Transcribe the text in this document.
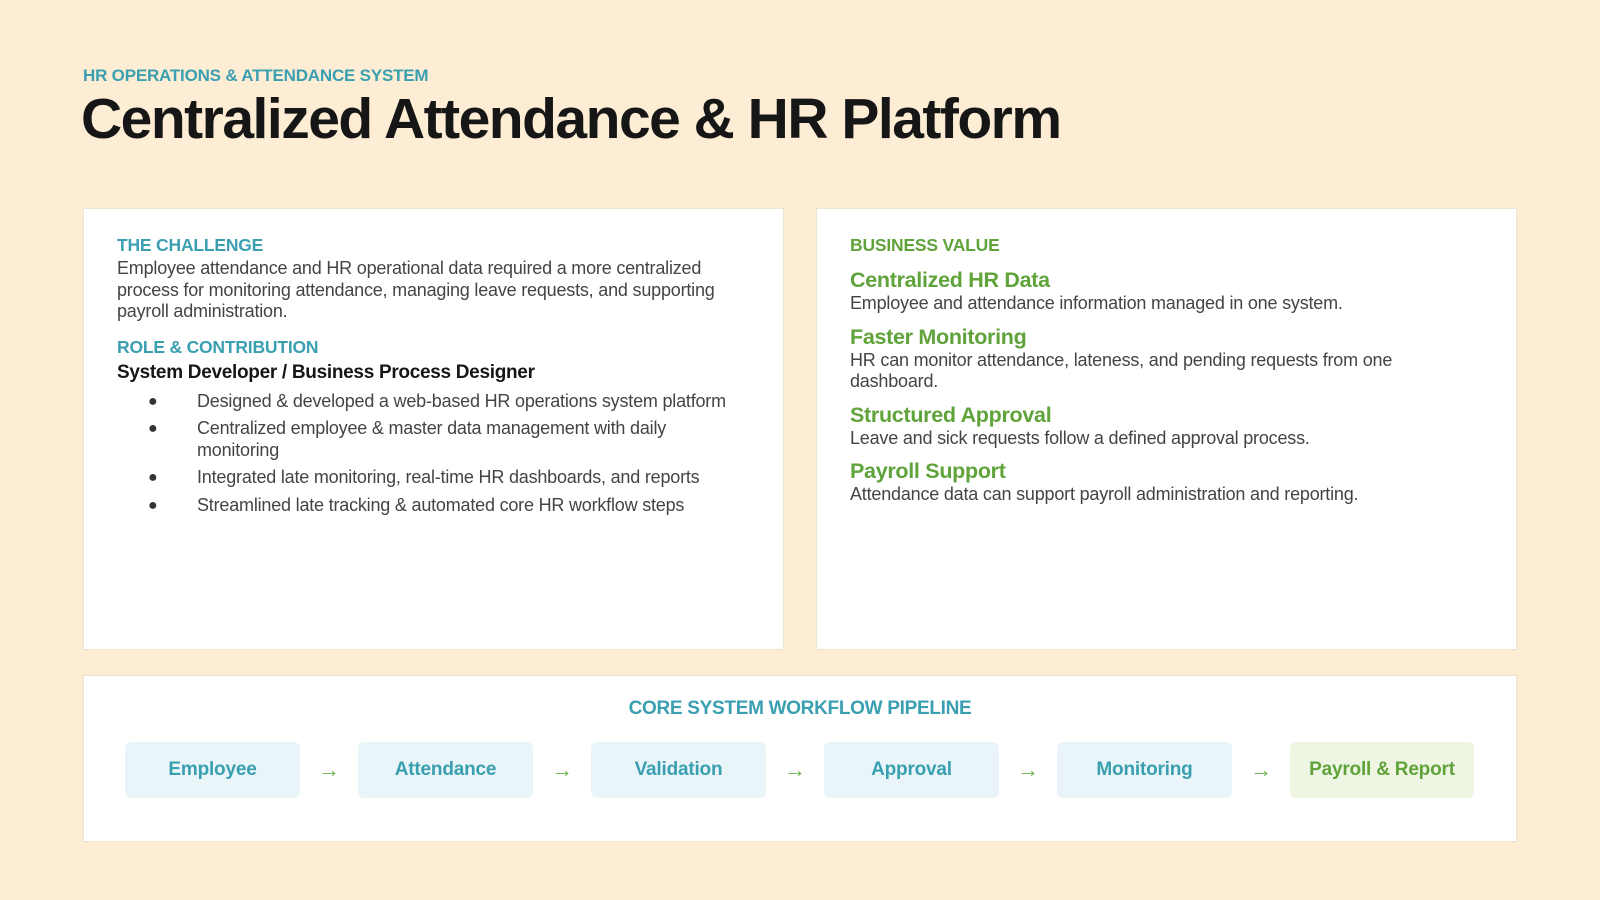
HR OPERATIONS & ATTENDANCE SYSTEM
Centralized Attendance & HR Platform
THE CHALLENGE
Employee attendance and HR operational data required a more centralized process for monitoring attendance, managing leave requests, and supporting payroll administration.
ROLE & CONTRIBUTION
System Developer / Business Process Designer
● Designed & developed a web-based HR operations system platform
● Centralized employee & master data management with daily monitoring
● Integrated late monitoring, real-time HR dashboards, and reports
● Streamlined late tracking & automated core HR workflow steps
BUSINESS VALUE
Centralized HR Data
Employee and attendance information managed in one system.
Faster Monitoring
HR can monitor attendance, lateness, and pending requests from one dashboard.
Structured Approval
Leave and sick requests follow a defined approval process.
Payroll Support
Attendance data can support payroll administration and reporting.
CORE SYSTEM WORKFLOW PIPELINE
Employee	→	Attendance	→	Validation	→	Approval	→	Monitoring	→	Payroll & Report
